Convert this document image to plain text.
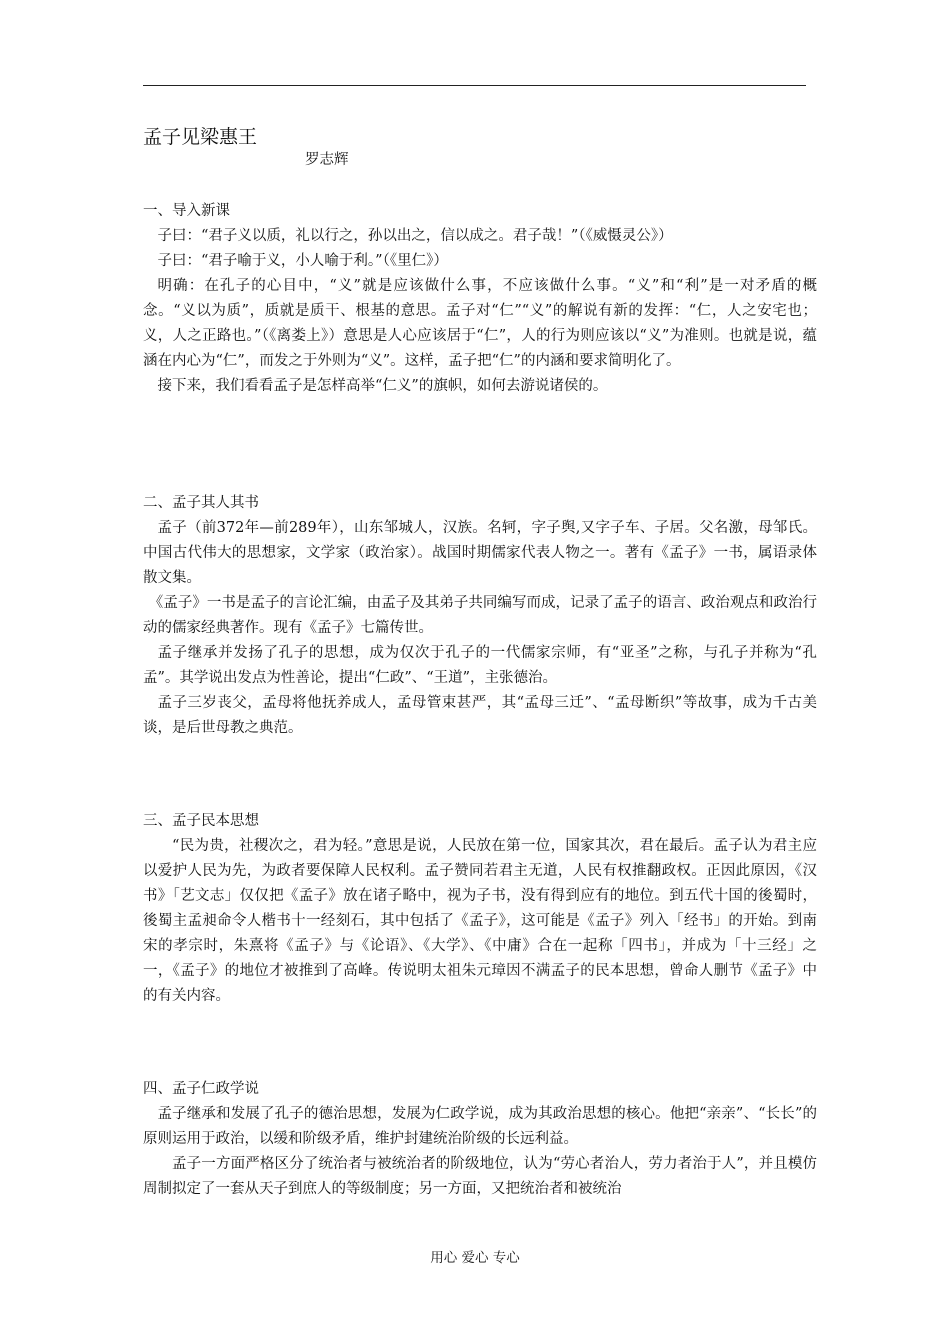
孟子见梁惠王
罗志辉
一、导入新课

子曰：“君子义以质，礼以行之，孙以出之，信以成之。君子哉！”（《威慑灵公》）

子曰：“君子喻于义，小人喻于利。”（《里仁》）

明确：在孔子的心目中，“义”就是应该做什么事，不应该做什么事。“义”和“利”是一对矛盾的概念。“义以为质”，质就是质干、根基的意思。孟子对“仁”“义”的解说有新的发挥：“仁，人之安宅也；义，人之正路也。”（《离娄上》）意思是人心应该居于“仁”，人的行为则应该以“义”为准则。也就是说，蕴涵在内心为“仁”，而发之于外则为“义”。这样，孟子把“仁”的内涵和要求简明化了。

接下来，我们看看孟子是怎样高举“仁义”的旗帜，如何去游说诸侯的。

二、孟子其人其书

孟子（前372年—前289年），山东邹城人，汉族。名轲，字子舆,又字子车、子居。父名激，母邹氏。中国古代伟大的思想家，文学家（政治家）。战国时期儒家代表人物之一。著有《孟子》一书，属语录体散文集。

《孟子》一书是孟子的言论汇编，由孟子及其弟子共同编写而成，记录了孟子的语言、政治观点和政治行动的儒家经典著作。现有《孟子》七篇传世。

孟子继承并发扬了孔子的思想，成为仅次于孔子的一代儒家宗师，有“亚圣”之称，与孔子并称为“孔孟”。其学说出发点为性善论，提出“仁政”、“王道”，主张德治。

孟子三岁丧父，孟母将他抚养成人，孟母管束甚严，其“孟母三迁”、“孟母断织”等故事，成为千古美谈，是后世母教之典范。

三、孟子民本思想

“民为贵，社稷次之，君为轻。”意思是说，人民放在第一位，国家其次，君在最后。孟子认为君主应以爱护人民为先，为政者要保障人民权利。孟子赞同若君主无道，人民有权推翻政权。正因此原因，《汉书》「艺文志」仅仅把《孟子》放在诸子略中，视为子书，没有得到应有的地位。到五代十国的後蜀时，後蜀主孟昶命令人楷书十一经刻石，其中包括了《孟子》，这可能是《孟子》列入「经书」的开始。到南宋的孝宗时，朱熹将《孟子》与《论语》、《大学》、《中庸》合在一起称「四书」，并成为「十三经」之一，《孟子》的地位才被推到了高峰。传说明太祖朱元璋因不满孟子的民本思想，曾命人删节《孟子》中的有关内容。

四、孟子仁政学说

孟子继承和发展了孔子的德治思想，发展为仁政学说，成为其政治思想的核心。他把“亲亲”、“长长”的原则运用于政治，以缓和阶级矛盾，维护封建统治阶级的长远利益。

孟子一方面严格区分了统治者与被统治者的阶级地位，认为“劳心者治人，劳力者治于人”，并且模仿周制拟定了一套从天子到庶人的等级制度；另一方面，又把统治者和被统治

用心 爱心 专心
